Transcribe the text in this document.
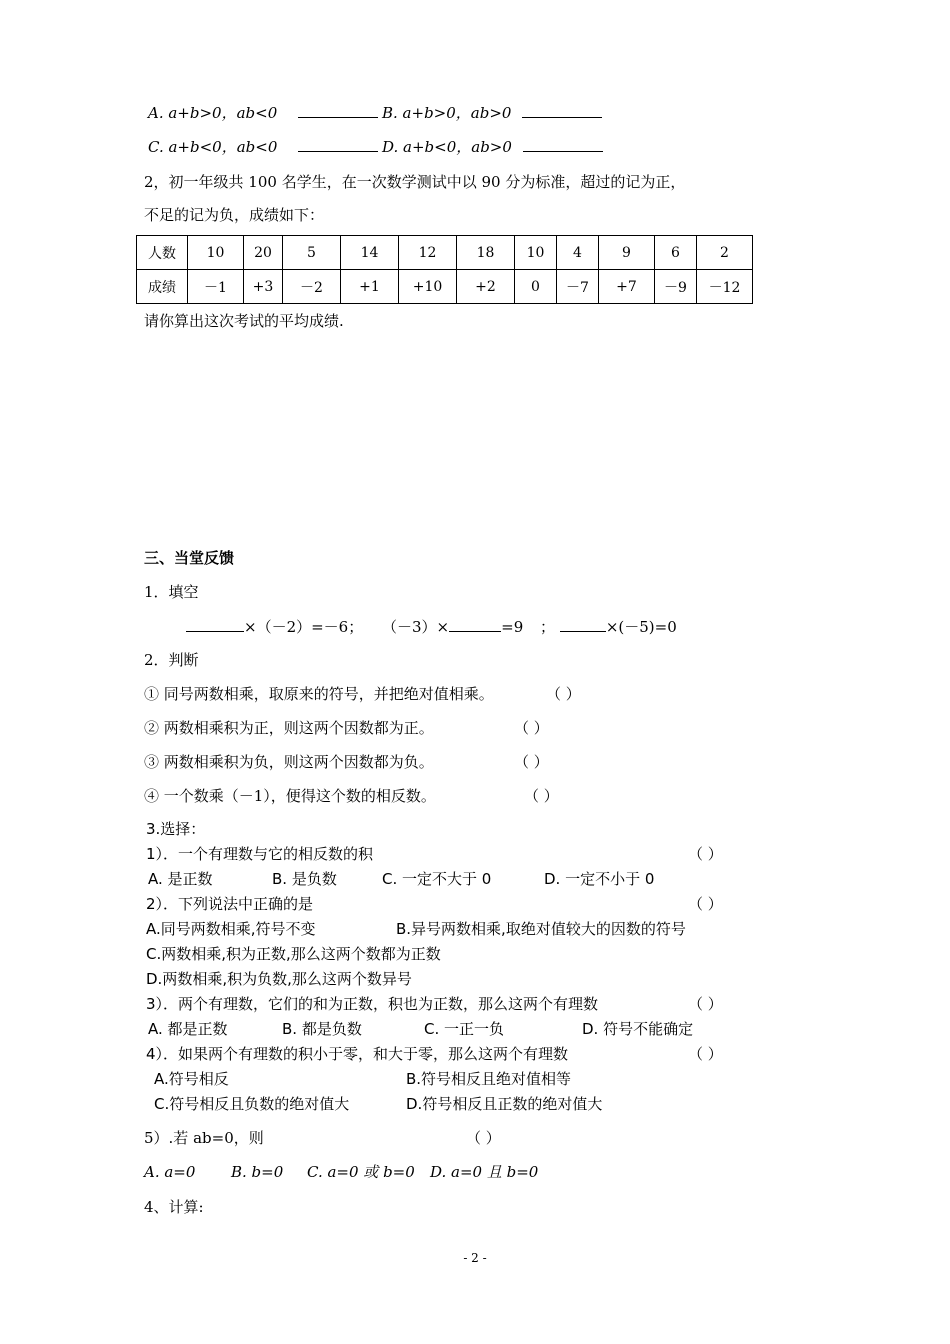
A. a+b>0，ab<0	B. a+b>0，ab>0
C. a+b<0，ab<0	D. a+b<0，ab>0
2，初一年级共 100 名学生，在一次数学测试中以 90 分为标准，超过的记为正，
不足的记为负，成绩如下：
人数	10	20	5	14	12	18	10	4	9	6	2
成绩	－1	+3	－2	+1	+10	+2	0	－7	+7	－9	－12
请你算出这次考试的平均成绩.
三、当堂反馈
1．填空
×（－2）=－6； （－3）×	=9 ；	×(－5)=0
2．判断
① 同号两数相乘，取原来的符号，并把绝对值相乘。	（ ）
② 两数相乘积为正，则这两个因数都为正。	（ ）
③ 两数相乘积为负，则这两个因数都为负。	（ ）
④ 一个数乘（－1），便得这个数的相反数。	（ ）
3.选择：
1）．一个有理数与它的相反数的积	（ ）
A. 是正数	B. 是负数	C. 一定不大于 0	D. 一定不小于 0
2）．下列说法中正确的是	（ ）
A.同号两数相乘,符号不变	B.异号两数相乘,取绝对值较大的因数的符号
C.两数相乘,积为正数,那么这两个数都为正数
D.两数相乘,积为负数,那么这两个数异号
3）．两个有理数，它们的和为正数，积也为正数，那么这两个有理数	（ ）
A. 都是正数	B. 都是负数	C. 一正一负	D. 符号不能确定
4）．如果两个有理数的积小于零，和大于零，那么这两个有理数	（ ）
A.符号相反	B.符号相反且绝对值相等
C.符号相反且负数的绝对值大	D.符号相反且正数的绝对值大
5）.若 ab=0，则	（ ）
A. a=0 B. b=0 C. a=0 或 b=0 D. a=0 且 b=0
4、计算:
- 2 -
